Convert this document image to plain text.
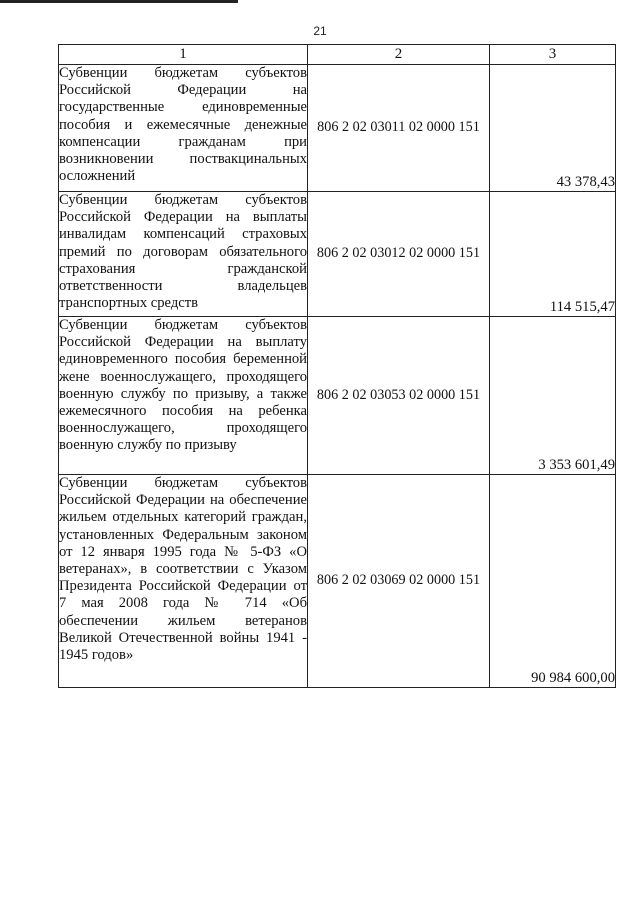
21
1	2	3
Субвенции бюджетам субъектов Российской Федерации на государственные единовременные пособия и ежемесячные денежные компенсации гражданам при возникновении поствакцинальных осложнений	806 2 02 03011 02 0000 151	43 378,43
Субвенции бюджетам субъектов Российской Федерации на выплаты инвалидам компенсаций страховых премий по договорам обязательного страхования гражданской ответственности владельцев транспортных средств	806 2 02 03012 02 0000 151	114 515,47
Субвенции бюджетам субъектов Российской Федерации на выплату единовременного пособия беременной жене военнослужащего, проходящего военную службу по призыву, а также ежемесячного пособия на ребенка военнослужащего, проходящего военную службу по призыву	806 2 02 03053 02 0000 151	3 353 601,49
Субвенции бюджетам субъектов Российской Федерации на обеспечение жильем отдельных категорий граждан, установленных Федеральным законом от 12 января 1995 года № 5-ФЗ «О ветеранах», в соответствии с Указом Президента Российской Федерации от 7 мая 2008 года № 714 «Об обеспечении жильем ветеранов Великой Отечественной войны 1941 - 1945 годов»	806 2 02 03069 02 0000 151	90 984 600,00
